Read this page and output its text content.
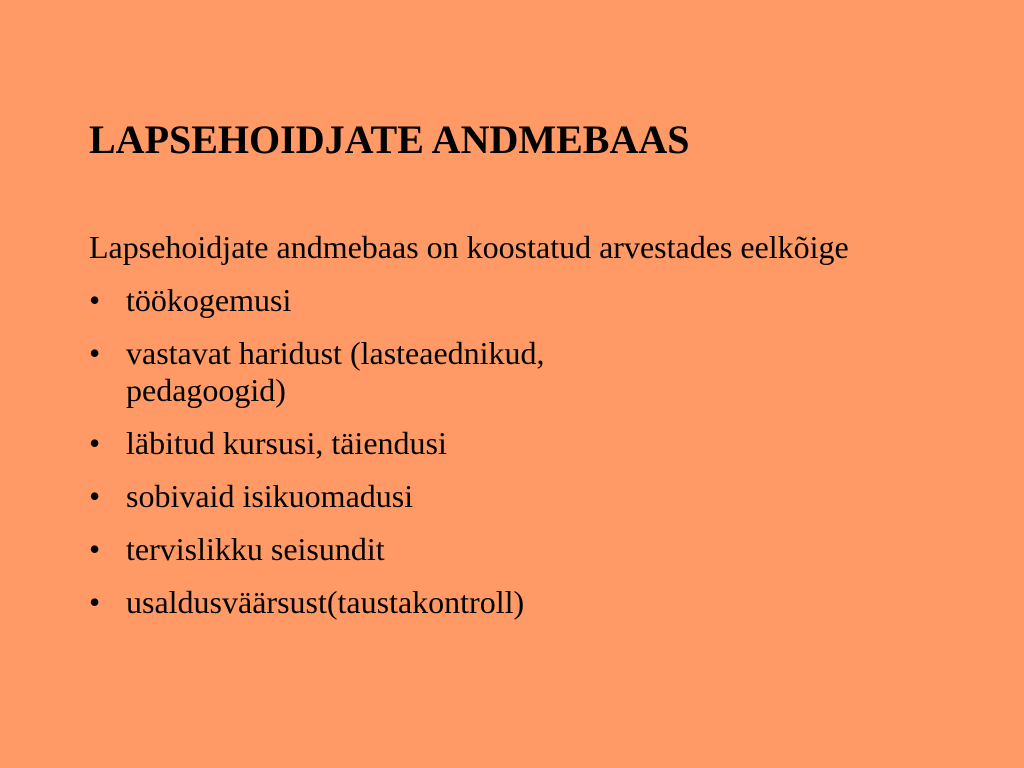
LAPSEHOIDJATE ANDMEBAAS

Lapsehoidjate andmebaas on koostatud arvestades eelkõige

• töökogemusi
• vastavat haridust (lasteaednikud,
pedagoogid)
• läbitud kursusi, täiendusi
• sobivaid isikuomadusi
• tervislikku seisundit
• usaldusväärsust(taustakontroll)
